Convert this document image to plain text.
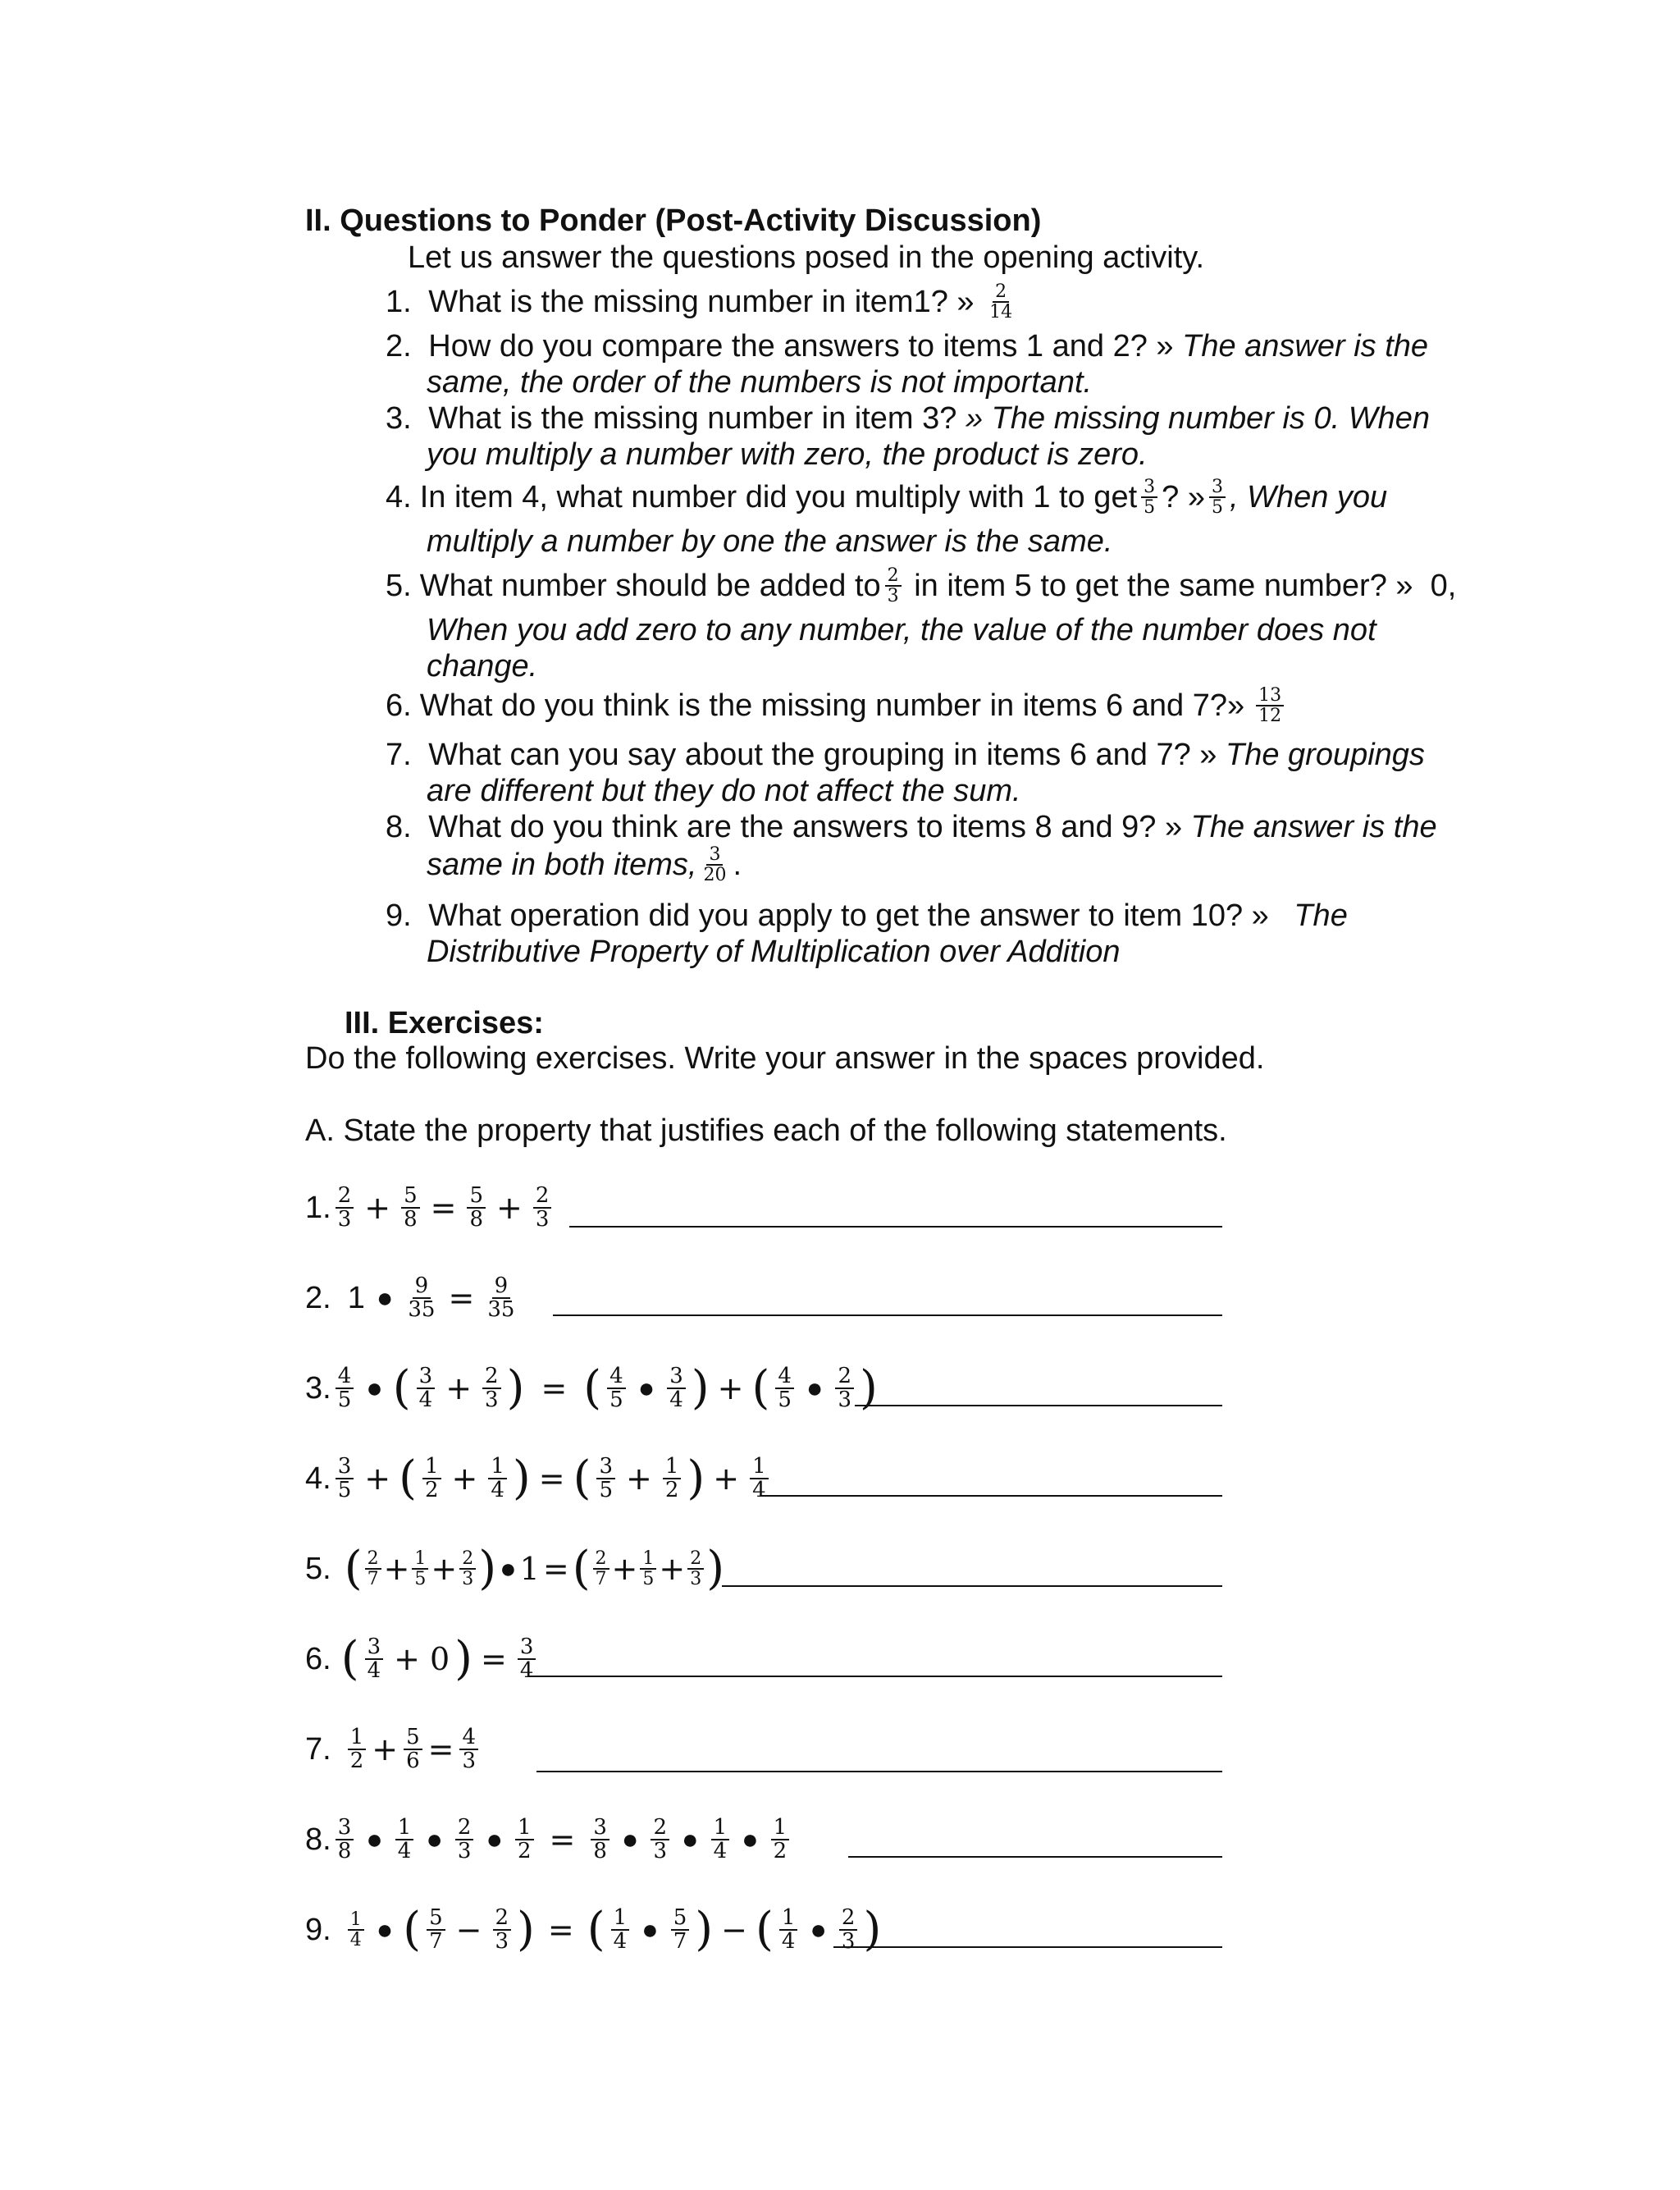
II. Questions to Ponder (Post-Activity Discussion)
Let us answer the questions posed in the opening activity.
1. What is the missing number in item1? » $\frac{2}{14}$
2. How do you compare the answers to items 1 and 2? » The answer is the
same, the order of the numbers is not important.
3. What is the missing number in item 3? » The missing number is 0. When
you multiply a number with zero, the product is zero.
4. In item 4, what number did you multiply with 1 to get $\frac{3}{5}$ ? » $\frac{3}{5}$ , When you
multiply a number by one the answer is the same.
5. What number should be added to $\frac{2}{3}$ in item 5 to get the same number? »  0,
When you add zero to any number, the value of the number does not
change.
6. What do you think is the missing number in items 6 and 7?» $\frac{13}{12}$
7. What can you say about the grouping in items 6 and 7? » The groupings
are different but they do not affect the sum.
8. What do you think are the answers to items 8 and 9? » The answer is the
same in both items, $\frac{3}{20}$ .
9. What operation did you apply to get the answer to item 10? » The
Distributive Property of Multiplication over Addition
III. Exercises:
Do the following exercises. Write your answer in the spaces provided.
A. State the property that justifies each of the following statements.
1. $\frac{2}{3} + \frac{5}{8} = \frac{5}{8} + \frac{2}{3}$
2. 1 ● $\frac{9}{35} = \frac{9}{35}$
3. $\frac{4}{5}$ ● ( $\frac{3}{4} + \frac{2}{3}$ ) = ( $\frac{4}{5}$ ● $\frac{3}{4}$ ) + ( $\frac{4}{5}$ ● $\frac{2}{3}$ )
4. $\frac{3}{5}$ + ( $\frac{1}{2} + \frac{1}{4}$ ) = ( $\frac{3}{5} + \frac{1}{2}$ ) + $\frac{1}{4}$
5. ( $\frac{2}{7} + \frac{1}{5} + \frac{2}{3}$ ) ● 1 = ( $\frac{2}{7} + \frac{1}{5} + \frac{2}{3}$ )
6. ( $\frac{3}{4} + 0$ ) = $\frac{3}{4}$
7. $\frac{1}{2} + \frac{5}{6} = \frac{4}{3}$
8. $\frac{3}{8}$ ● $\frac{1}{4}$ ● $\frac{2}{3}$ ● $\frac{1}{2} = \frac{3}{8}$ ● $\frac{2}{3}$ ● $\frac{1}{4}$ ● $\frac{1}{2}$
9. $\frac{1}{4}$ ● ( $\frac{5}{7} - \frac{2}{3}$ ) = ( $\frac{1}{4}$ ● $\frac{5}{7}$ ) − ( $\frac{1}{4}$ ● $\frac{2}{3}$ )
